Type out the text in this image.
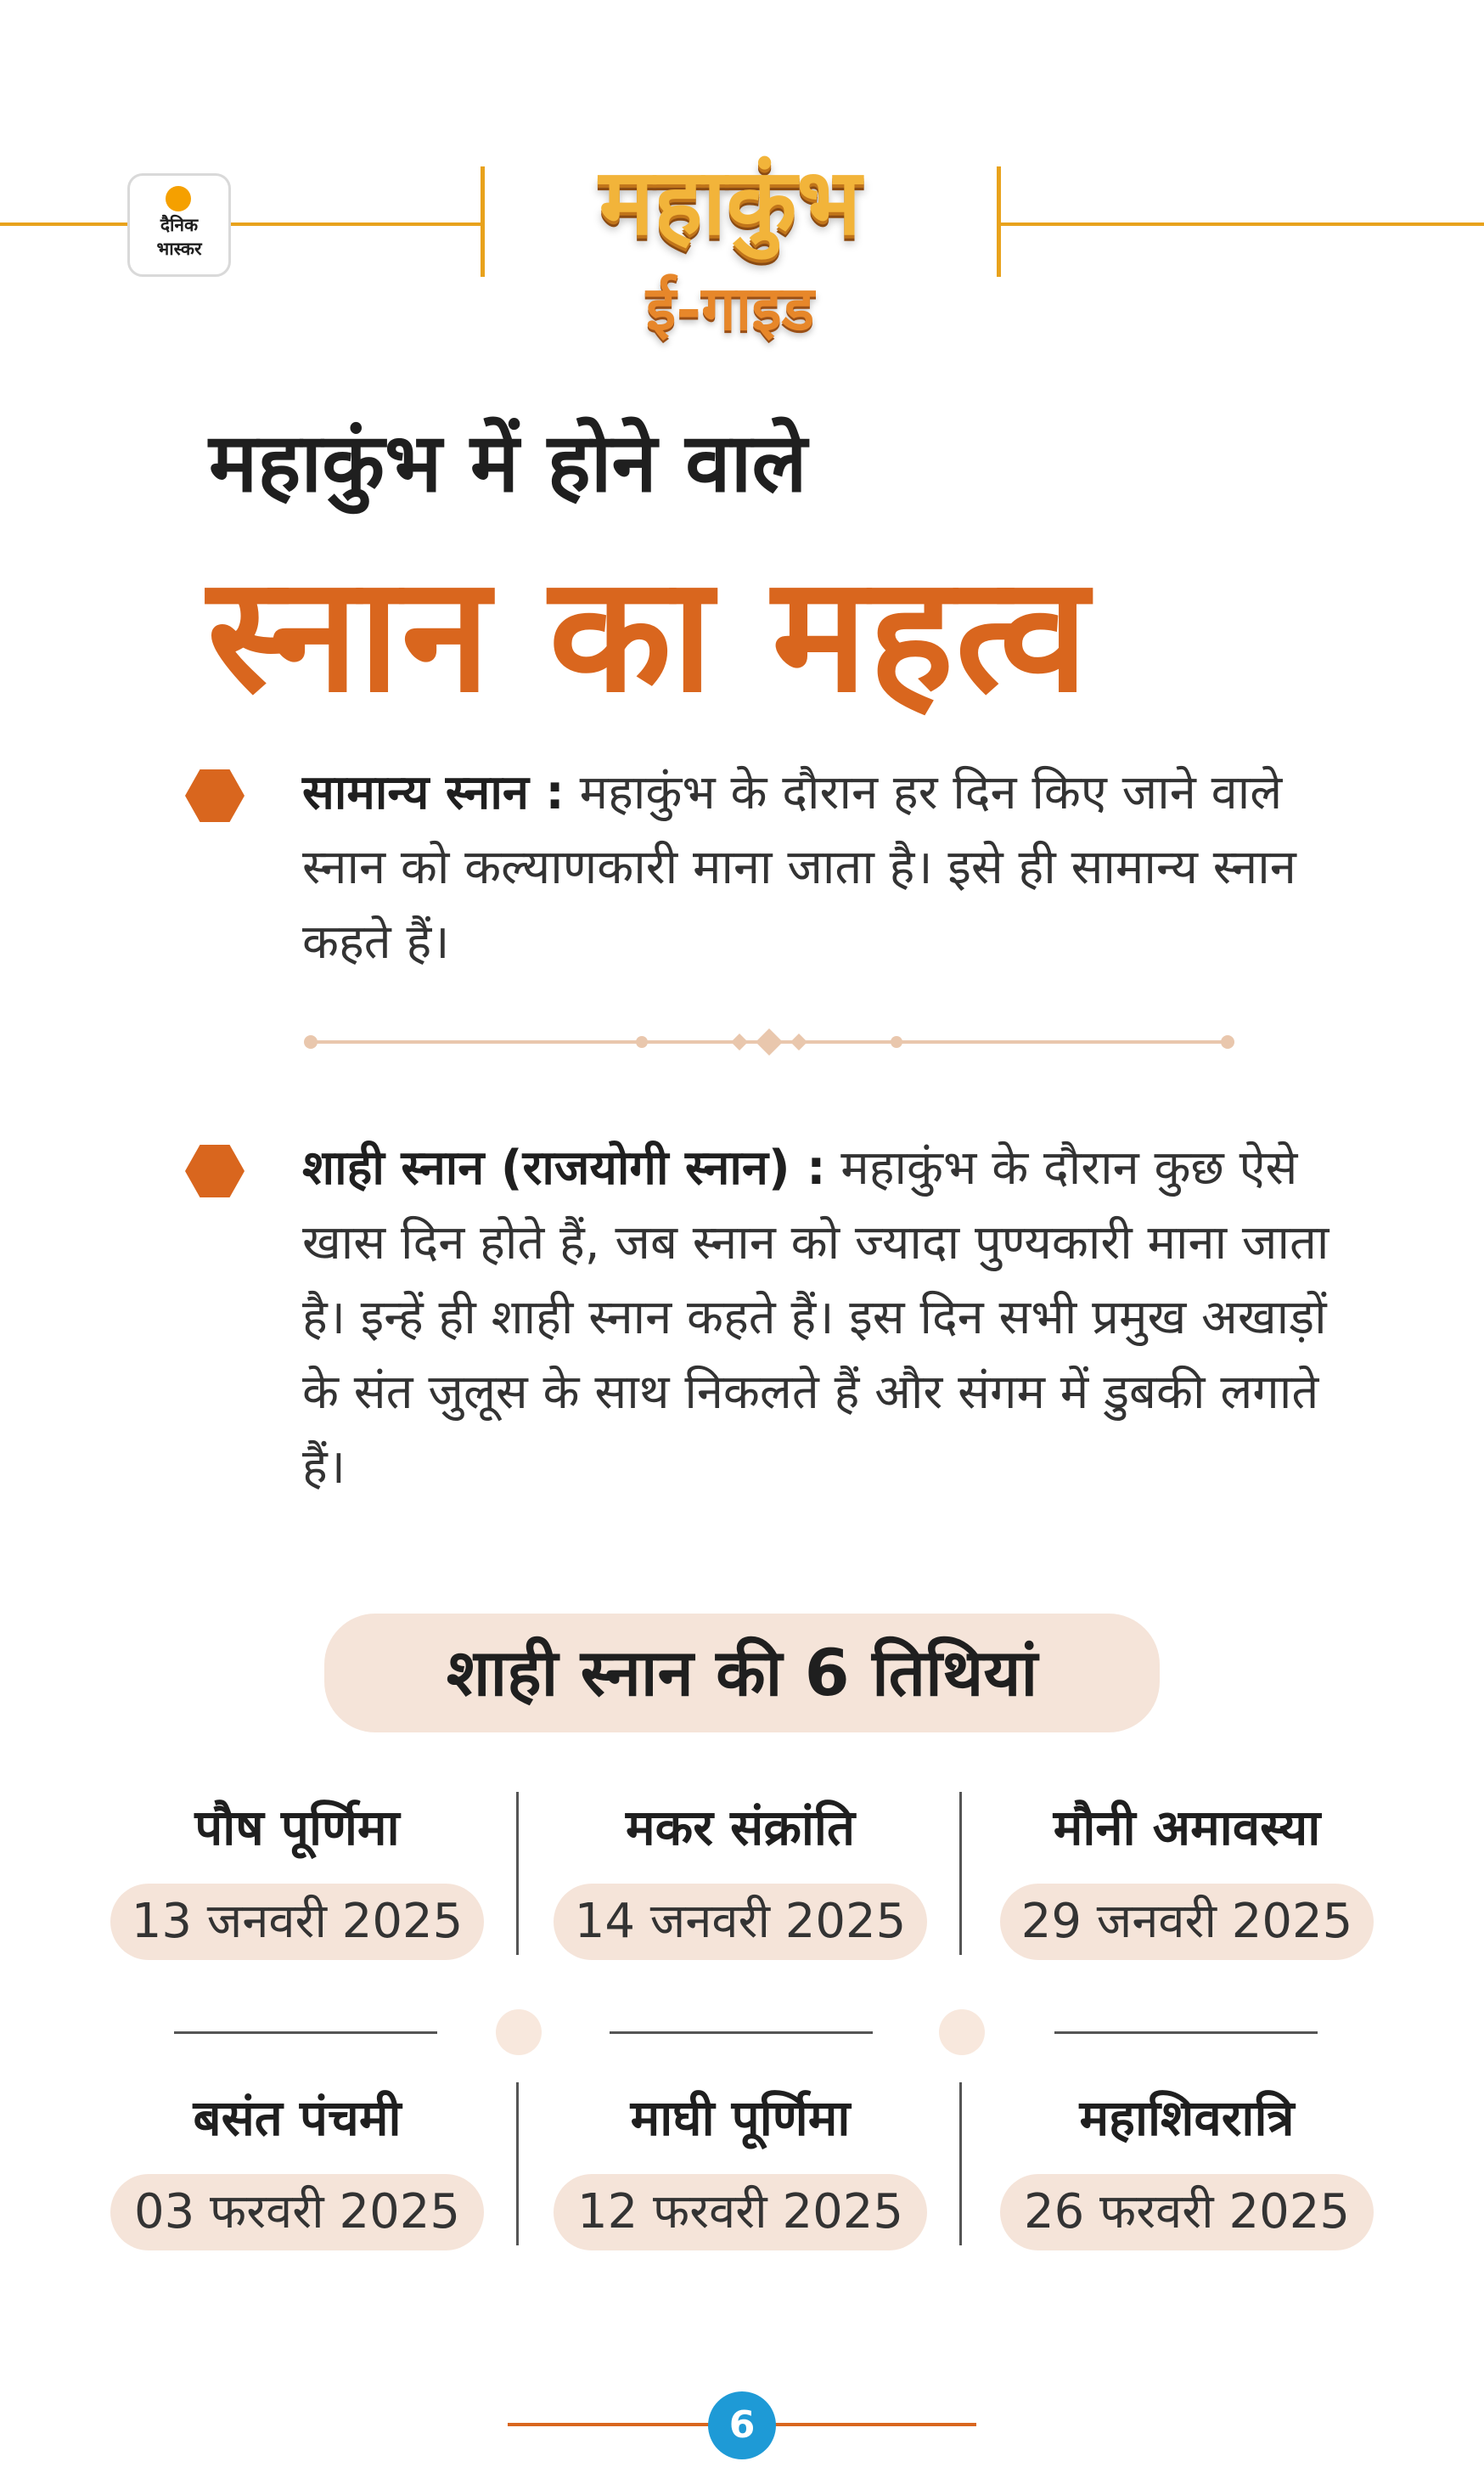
दैनिक
भास्कर	महाकुंभ
ई-गाइड
महाकुंभ में होने वाले
स्नान का महत्व
सामान्य स्नान : महाकुंभ के दौरान हर दिन किए जाने वाले स्नान को कल्याणकारी माना जाता है। इसे ही सामान्य स्नान कहते हैं।
शाही स्नान (राजयोगी स्नान) : महाकुंभ के दौरान कुछ ऐसे खास दिन होते हैं, जब स्नान को ज्यादा पुण्यकारी माना जाता है। इन्हें ही शाही स्नान कहते हैं। इस दिन सभी प्रमुख अखाड़ों के संत जुलूस के साथ निकलते हैं और संगम में डुबकी लगाते हैं।
शाही स्नान की 6 तिथियां
पौष पूर्णिमा
13 जनवरी 2025
मकर संक्रांति
14 जनवरी 2025
मौनी अमावस्या
29 जनवरी 2025
बसंत पंचमी
03 फरवरी 2025
माघी पूर्णिमा
12 फरवरी 2025
महाशिवरात्रि
26 फरवरी 2025
6
